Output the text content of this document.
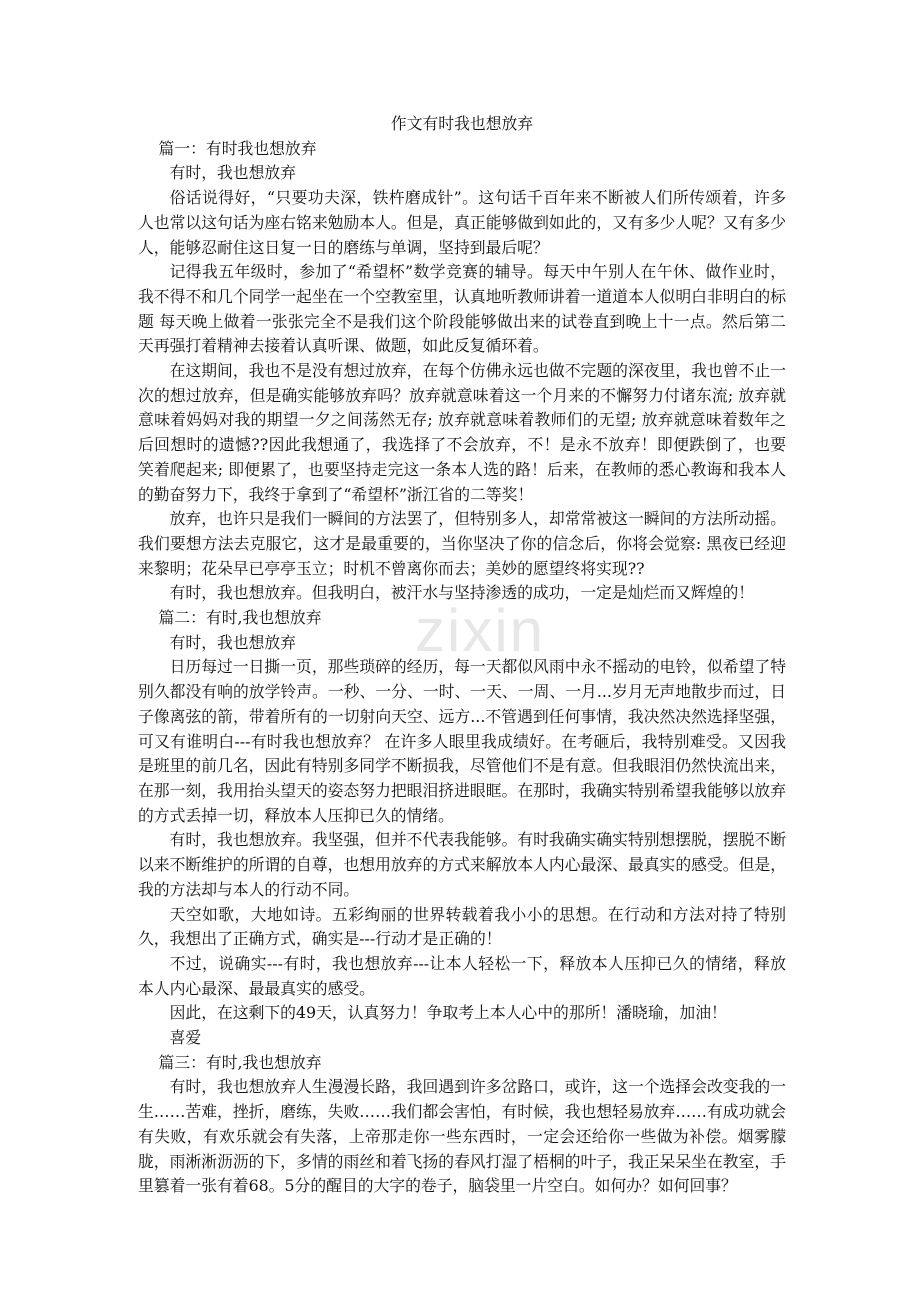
zixin
作文有时我也想放弃

篇一：有时我也想放弃

有时，我也想放弃

俗话说得好，“只要功夫深，铁杵磨成针”。这句话千百年来不断被人们所传颂着，许多人也常以这句话为座右铭来勉励本人。但是，真正能够做到如此的，又有多少人呢？又有多少人，能够忍耐住这日复一日的磨练与单调，坚持到最后呢？

记得我五年级时，参加了“希望杯”数学竞赛的辅导。每天中午别人在午休、做作业时，我不得不和几个同学一起坐在一个空教室里，认真地听教师讲着一道道本人似明白非明白的标题 每天晚上做着一张张完全不是我们这个阶段能够做出来的试卷直到晚上十一点。然后第二天再强打着精神去接着认真听课、做题，如此反复循环着。

在这期间，我也不是没有想过放弃，在每个仿佛永远也做不完题的深夜里，我也曾不止一次的想过放弃，但是确实能够放弃吗？放弃就意味着这一个月来的不懈努力付诸东流; 放弃就意味着妈妈对我的期望一夕之间荡然无存; 放弃就意味着教师们的无望; 放弃就意味着数年之后回想时的遗憾??因此我想通了，我选择了不会放弃，不！是永不放弃！即便跌倒了，也要笑着爬起来; 即便累了，也要坚持走完这一条本人选的路！后来，在教师的悉心教诲和我本人的勤奋努力下，我终于拿到了“希望杯”浙江省的二等奖！

放弃，也许只是我们一瞬间的方法罢了，但特别多人，却常常被这一瞬间的方法所动摇。我们要想方法去克服它，这才是最重要的，当你坚决了你的信念后，你将会觉察: 黑夜已经迎来黎明；花朵早已亭亭玉立；时机不曾离你而去；美妙的愿望终将实现??

有时，我也想放弃。但我明白，被汗水与坚持渗透的成功，一定是灿烂而又辉煌的！

篇二：有时,我也想放弃

有时，我也想放弃

日历每过一日撕一页，那些琐碎的经历，每一天都似风雨中永不摇动的电铃，似希望了特别久都没有响的放学铃声。一秒、一分、一时、一天、一周、一月...岁月无声地散步而过，日子像离弦的箭，带着所有的一切射向天空、远方...不管遇到任何事情，我决然决然选择坚强，可又有谁明白---有时我也想放弃？ 在许多人眼里我成绩好。在考砸后，我特别难受。又因我是班里的前几名，因此有特别多同学不断损我，尽管他们不是有意。但我眼泪仍然快流出来，在那一刻，我用抬头望天的姿态努力把眼泪挤进眼眶。在那时，我确实特别希望我能够以放弃的方式丢掉一切，释放本人压抑已久的情绪。

有时，我也想放弃。我坚强，但并不代表我能够。有时我确实确实特别想摆脱，摆脱不断以来不断维护的所谓的自尊，也想用放弃的方式来解放本人内心最深、最真实的感受。但是，我的方法却与本人的行动不同。

天空如歌，大地如诗。五彩绚丽的世界转载着我小小的思想。在行动和方法对持了特别久，我想出了正确方式，确实是---行动才是正确的！

不过，说确实---有时，我也想放弃---让本人轻松一下，释放本人压抑已久的情绪，释放本人内心最深、最最真实的感受。

因此，在这剩下的49天，认真努力！争取考上本人心中的那所！潘晓瑜，加油！

喜爱

篇三：有时,我也想放弃

有时，我也想放弃人生漫漫长路，我回遇到许多岔路口，或许，这一个选择会改变我的一生……苦难，挫折，磨练，失败……我们都会害怕，有时候，我也想轻易放弃……有成功就会有失败，有欢乐就会有失落，上帝那走你一些东西时，一定会还给你一些做为补偿。烟雾朦胧，雨淅淅沥沥的下，多情的雨丝和着飞扬的春风打湿了梧桐的叶子，我正呆呆坐在教室，手里篡着一张有着68。5分的醒目的大字的卷子，脑袋里一片空白。如何办？如何回事？
